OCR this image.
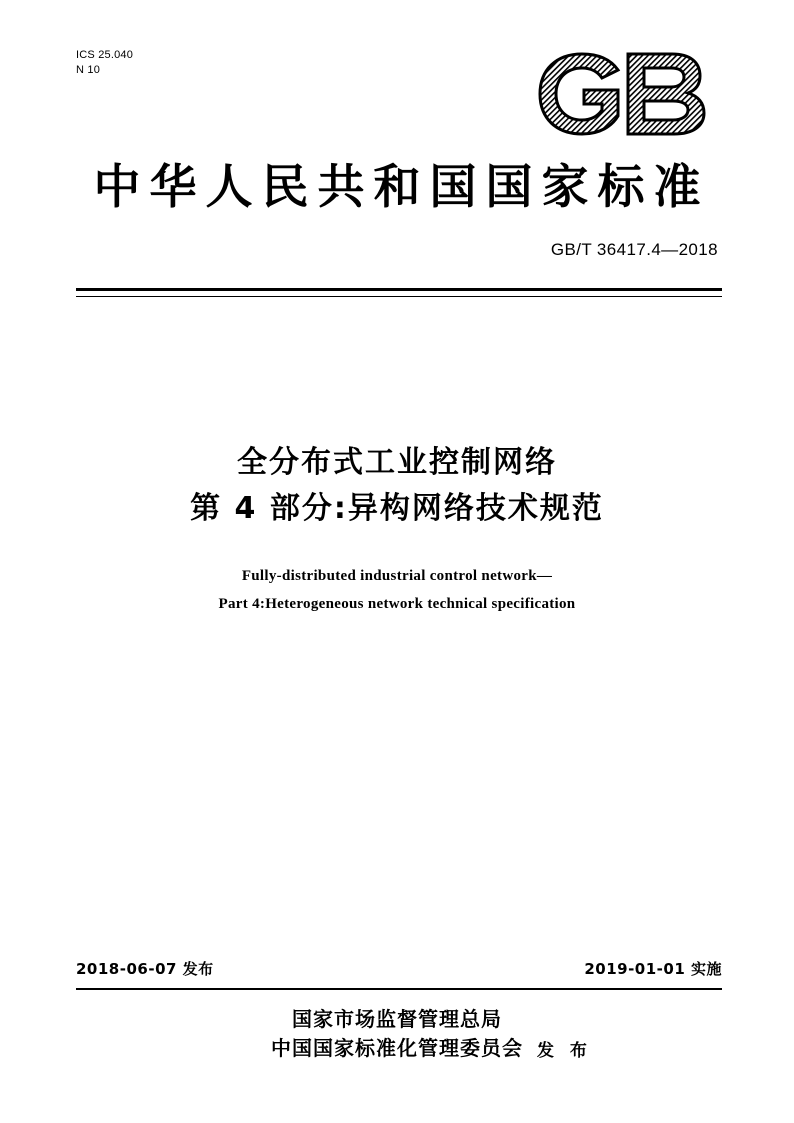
ICS 25.040
N 10
中华人民共和国国家标准
GB/T 36417.4—2018
全分布式工业控制网络
第 4 部分:异构网络技术规范
Fully-distributed industrial control network—
Part 4:Heterogeneous network technical specification
2018-06-07 发布	2019-01-01 实施
国家市场监督管理总局
中国国家标准化管理委员会 发 布
